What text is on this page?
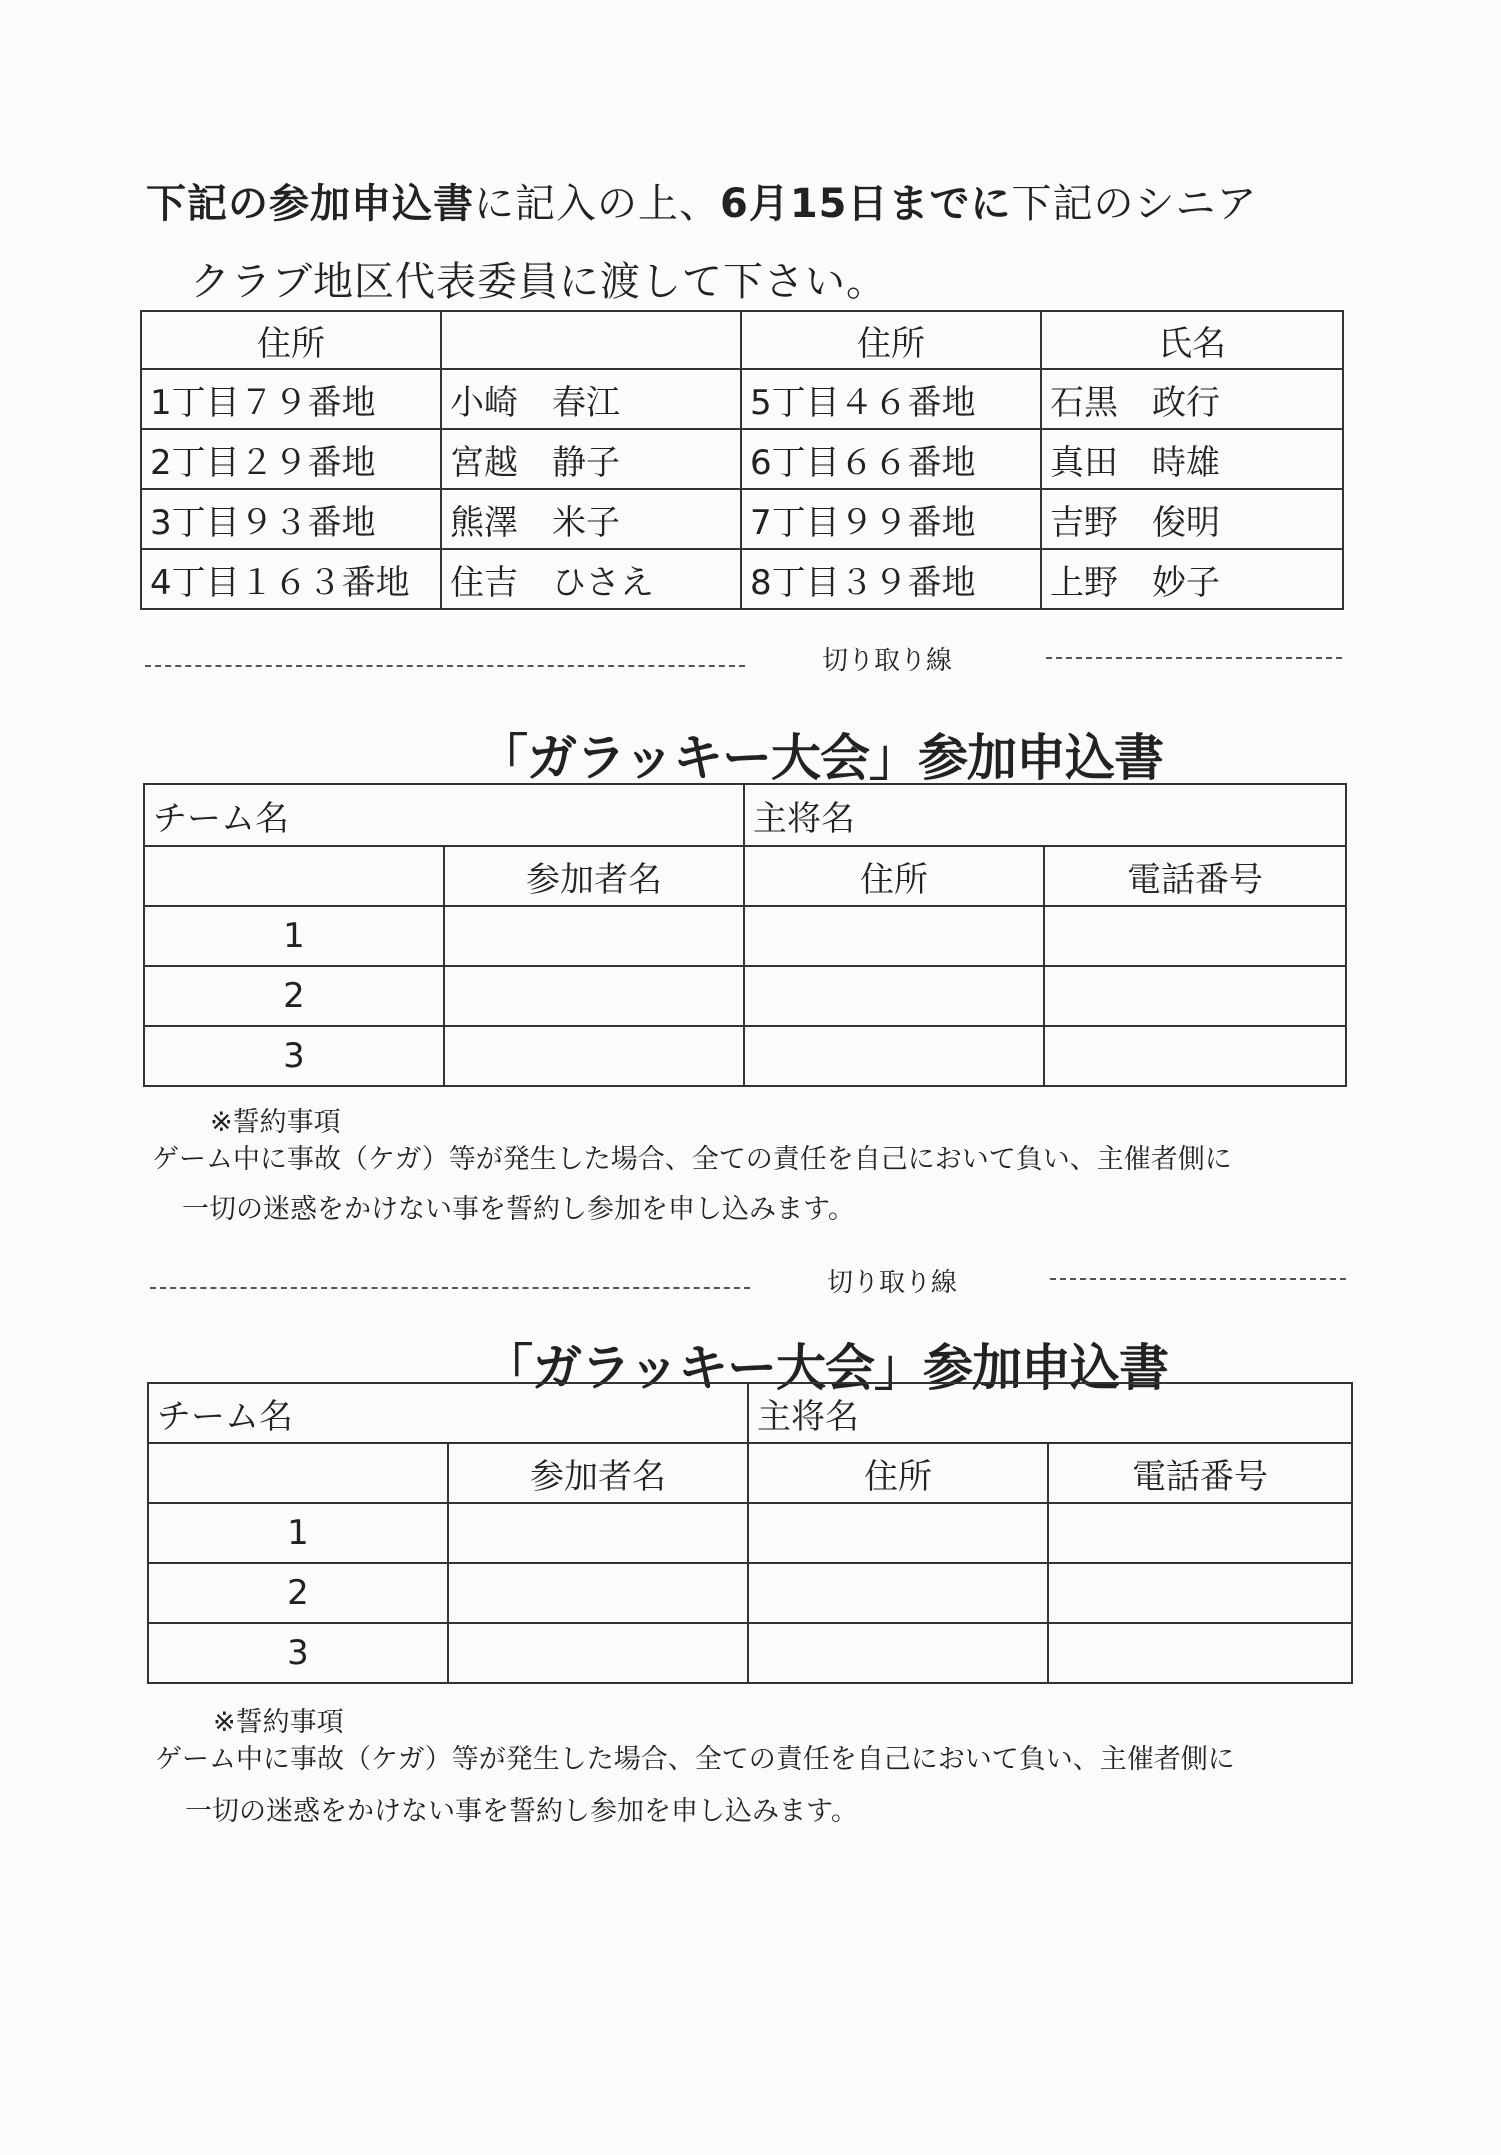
下記の参加申込書に記入の上、6月15日までに下記のシニア
クラブ地区代表委員に渡して下さい。
住所		住所	氏名
1丁目７９番地	小崎　春江	5丁目４６番地	石黒　政行
2丁目２９番地	宮越　静子	6丁目６６番地	真田　時雄
3丁目９３番地	熊澤　米子	7丁目９９番地	吉野　俊明
4丁目１６３番地	住吉　ひさえ	8丁目３９番地	上野　妙子
切り取り線
「ガラッキー大会」参加申込書
チーム名		主将名	
	参加者名	住所	電話番号
1			
2			
3			
※誓約事項
ゲーム中に事故（ケガ）等が発生した場合、全ての責任を自己において負い、主催者側に
一切の迷惑をかけない事を誓約し参加を申し込みます。
切り取り線
「ガラッキー大会」参加申込書
チーム名		主将名	
	参加者名	住所	電話番号
1			
2			
3			
※誓約事項
ゲーム中に事故（ケガ）等が発生した場合、全ての責任を自己において負い、主催者側に
一切の迷惑をかけない事を誓約し参加を申し込みます。
